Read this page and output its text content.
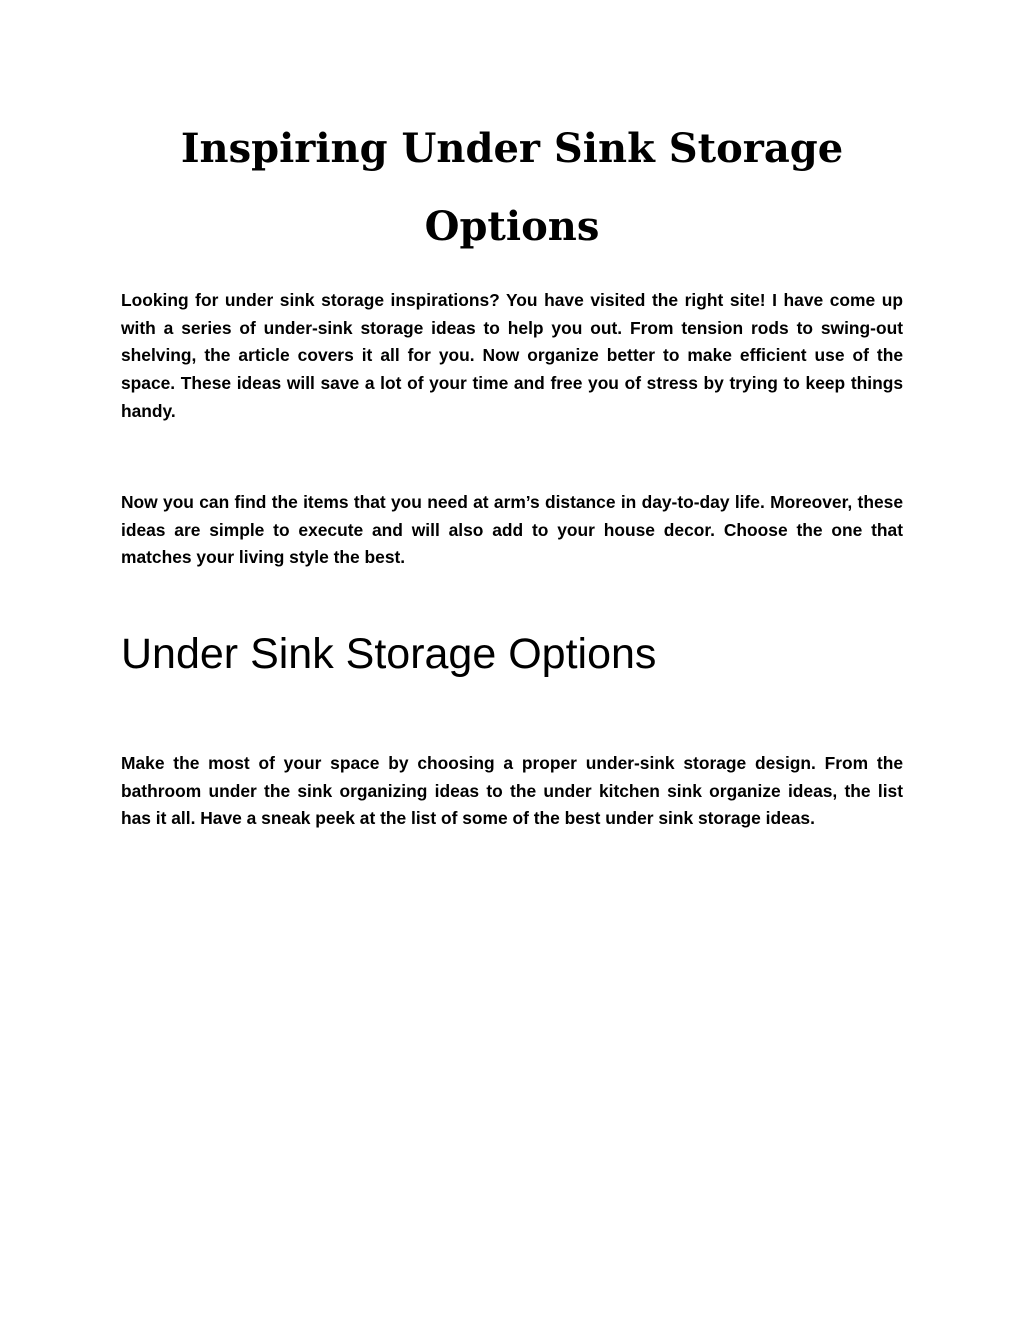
Inspiring Under Sink Storage Options

Looking for under sink storage inspirations? You have visited the right site! I have come up with a series of under-sink storage ideas to help you out. From tension rods to swing-out shelving, the article covers it all for you. Now organize better to make efficient use of the space. These ideas will save a lot of your time and free you of stress by trying to keep things handy.

Now you can find the items that you need at arm’s distance in day-to-day life. Moreover, these ideas are simple to execute and will also add to your house decor. Choose the one that matches your living style the best.

Under Sink Storage Options

Make the most of your space by choosing a proper under-sink storage design. From the bathroom under the sink organizing ideas to the under kitchen sink organize ideas, the list has it all. Have a sneak peek at the list of some of the best under sink storage ideas.
